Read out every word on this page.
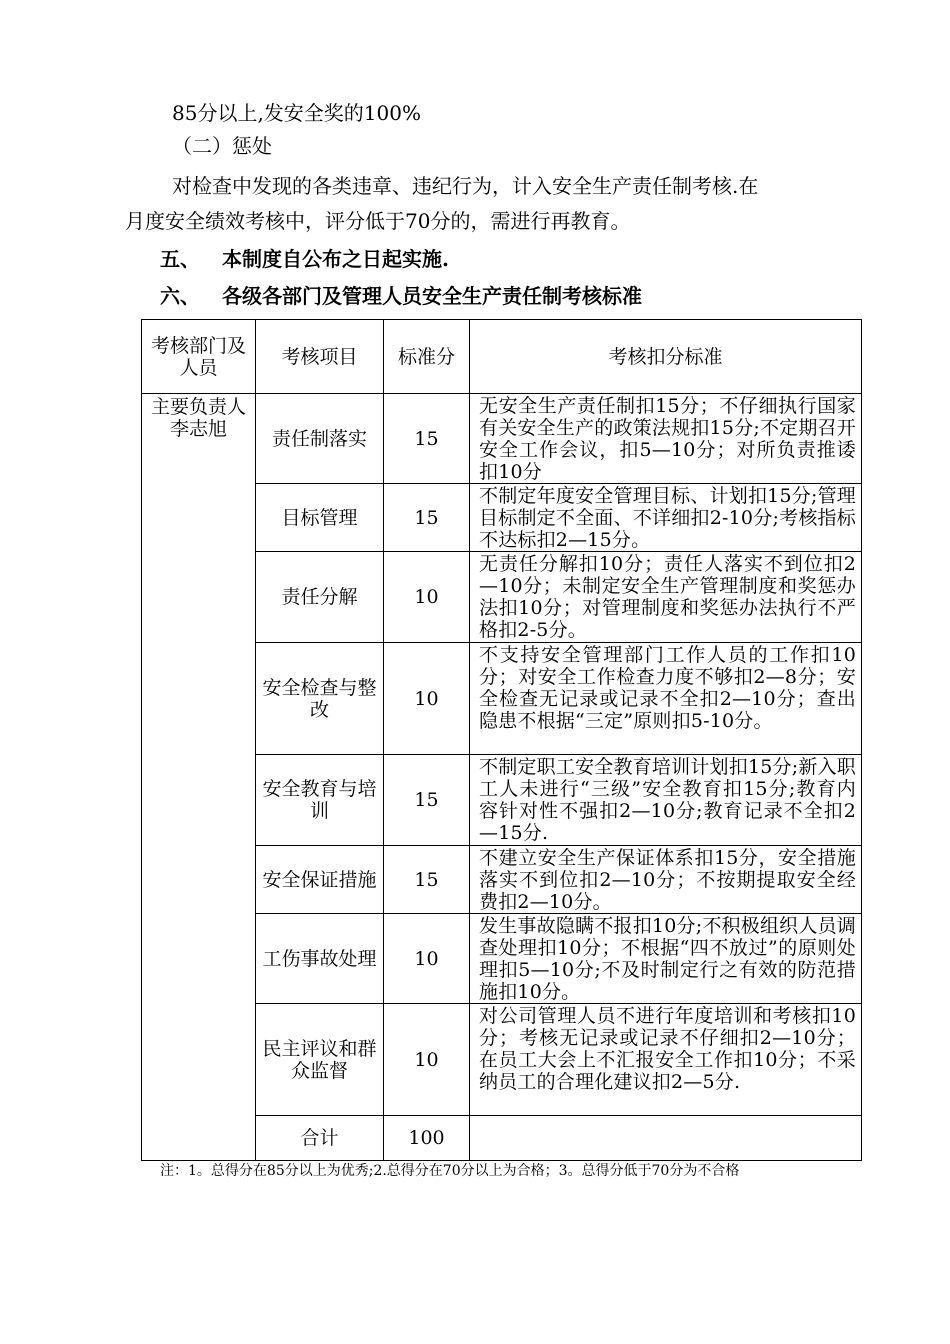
85分以上,发安全奖的100%
（二）惩处
对检查中发现的各类违章、违纪行为，计入安全生产责任制考核.在
月度安全绩效考核中，评分低于70分的，需进行再教育。
五、 本制度自公布之日起实施.
六、 各级各部门及管理人员安全生产责任制考核标准
考核部门及人员	考核项目	标准分	考核扣分标准
主要负责人李志旭	责任制落实	15	无安全生产责任制扣15分；不仔细执行国家有关安全生产的政策法规扣15分;不定期召开安全工作会议，扣5—10分；对所负责推诿扣10分
	目标管理	15	不制定年度安全管理目标、计划扣15分;管理目标制定不全面、不详细扣2-10分;考核指标不达标扣2—15分。
	责任分解	10	无责任分解扣10分；责任人落实不到位扣2—10分；未制定安全生产管理制度和奖惩办法扣10分；对管理制度和奖惩办法执行不严格扣2-5分。
	安全检查与整改	10	不支持安全管理部门工作人员的工作扣10分；对安全工作检查力度不够扣2—8分；安全检查无记录或记录不全扣2—10分；查出隐患不根据“三定”原则扣5-10分。
	安全教育与培训	15	不制定职工安全教育培训计划扣15分;新入职工人未进行“三级”安全教育扣15分;教育内容针对性不强扣2—10分;教育记录不全扣2—15分.
	安全保证措施	15	不建立安全生产保证体系扣15分，安全措施落实不到位扣2—10分；不按期提取安全经费扣2—10分。
	工伤事故处理	10	发生事故隐瞒不报扣10分;不积极组织人员调查处理扣10分；不根据“四不放过”的原则处理扣5—10分;不及时制定行之有效的防范措施扣10分。
	民主评议和群众监督	10	对公司管理人员不进行年度培训和考核扣10分；考核无记录或记录不仔细扣2—10分；在员工大会上不汇报安全工作扣10分；不采纳员工的合理化建议扣2—5分.
	合计	100	
注：1。总得分在85分以上为优秀;2.总得分在70分以上为合格；3。总得分低于70分为不合格
